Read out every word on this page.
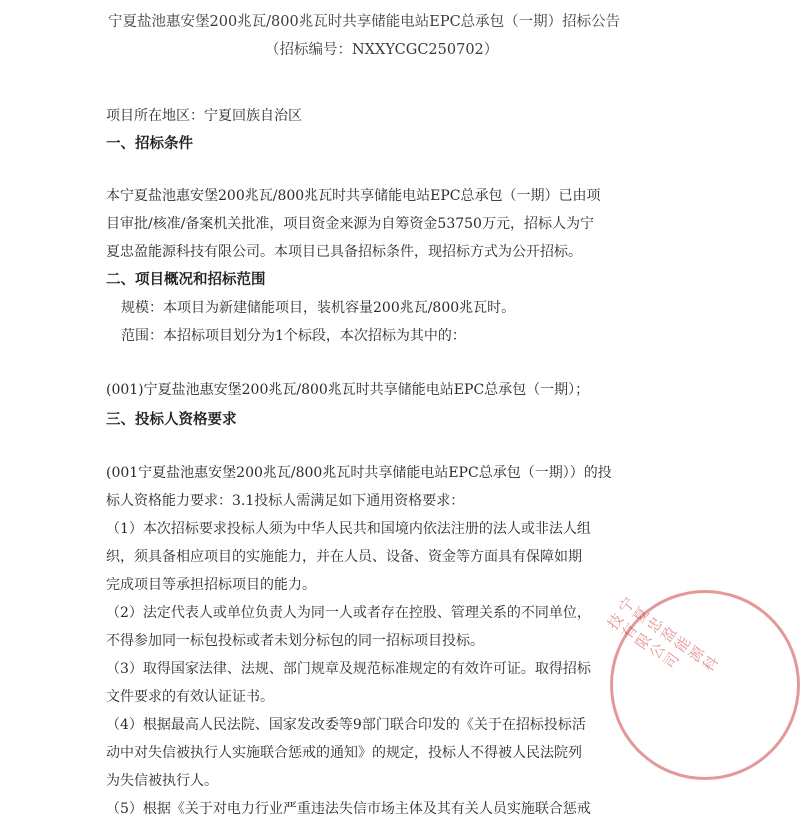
宁夏盐池惠安堡200兆瓦/800兆瓦时共享储能电站EPC总承包（一期）招标公告
（招标编号：NXXYCGC250702）
项目所在地区：宁夏回族自治区
一、招标条件
本宁夏盐池惠安堡200兆瓦/800兆瓦时共享储能电站EPC总承包（一期）已由项
目审批/核准/备案机关批准，项目资金来源为自筹资金53750万元，招标人为宁
夏忠盈能源科技有限公司。本项目已具备招标条件，现招标方式为公开招标。
二、项目概况和招标范围
规模：本项目为新建储能项目，装机容量200兆瓦/800兆瓦时。
范围：本招标项目划分为1个标段，本次招标为其中的：
(001)宁夏盐池惠安堡200兆瓦/800兆瓦时共享储能电站EPC总承包（一期）；
三、投标人资格要求
(001宁夏盐池惠安堡200兆瓦/800兆瓦时共享储能电站EPC总承包（一期））的投
标人资格能力要求：3.1投标人需满足如下通用资格要求：
（1）本次招标要求投标人须为中华人民共和国境内依法注册的法人或非法人组
织，须具备相应项目的实施能力，并在人员、设备、资金等方面具有保障如期
完成项目等承担招标项目的能力。
（2）法定代表人或单位负责人为同一人或者存在控股、管理关系的不同单位，
不得参加同一标包投标或者未划分标包的同一招标项目投标。
（3）取得国家法律、法规、部门规章及规范标准规定的有效许可证。取得招标
文件要求的有效认证证书。
（4）根据最高人民法院、国家发改委等9部门联合印发的《关于在招标投标活
动中对失信被执行人实施联合惩戒的通知》的规定，投标人不得被人民法院列
为失信被执行人。
（5）根据《关于对电力行业严重违法失信市场主体及其有关人员实施联合惩戒
宁夏忠盈能源科技有限公司
